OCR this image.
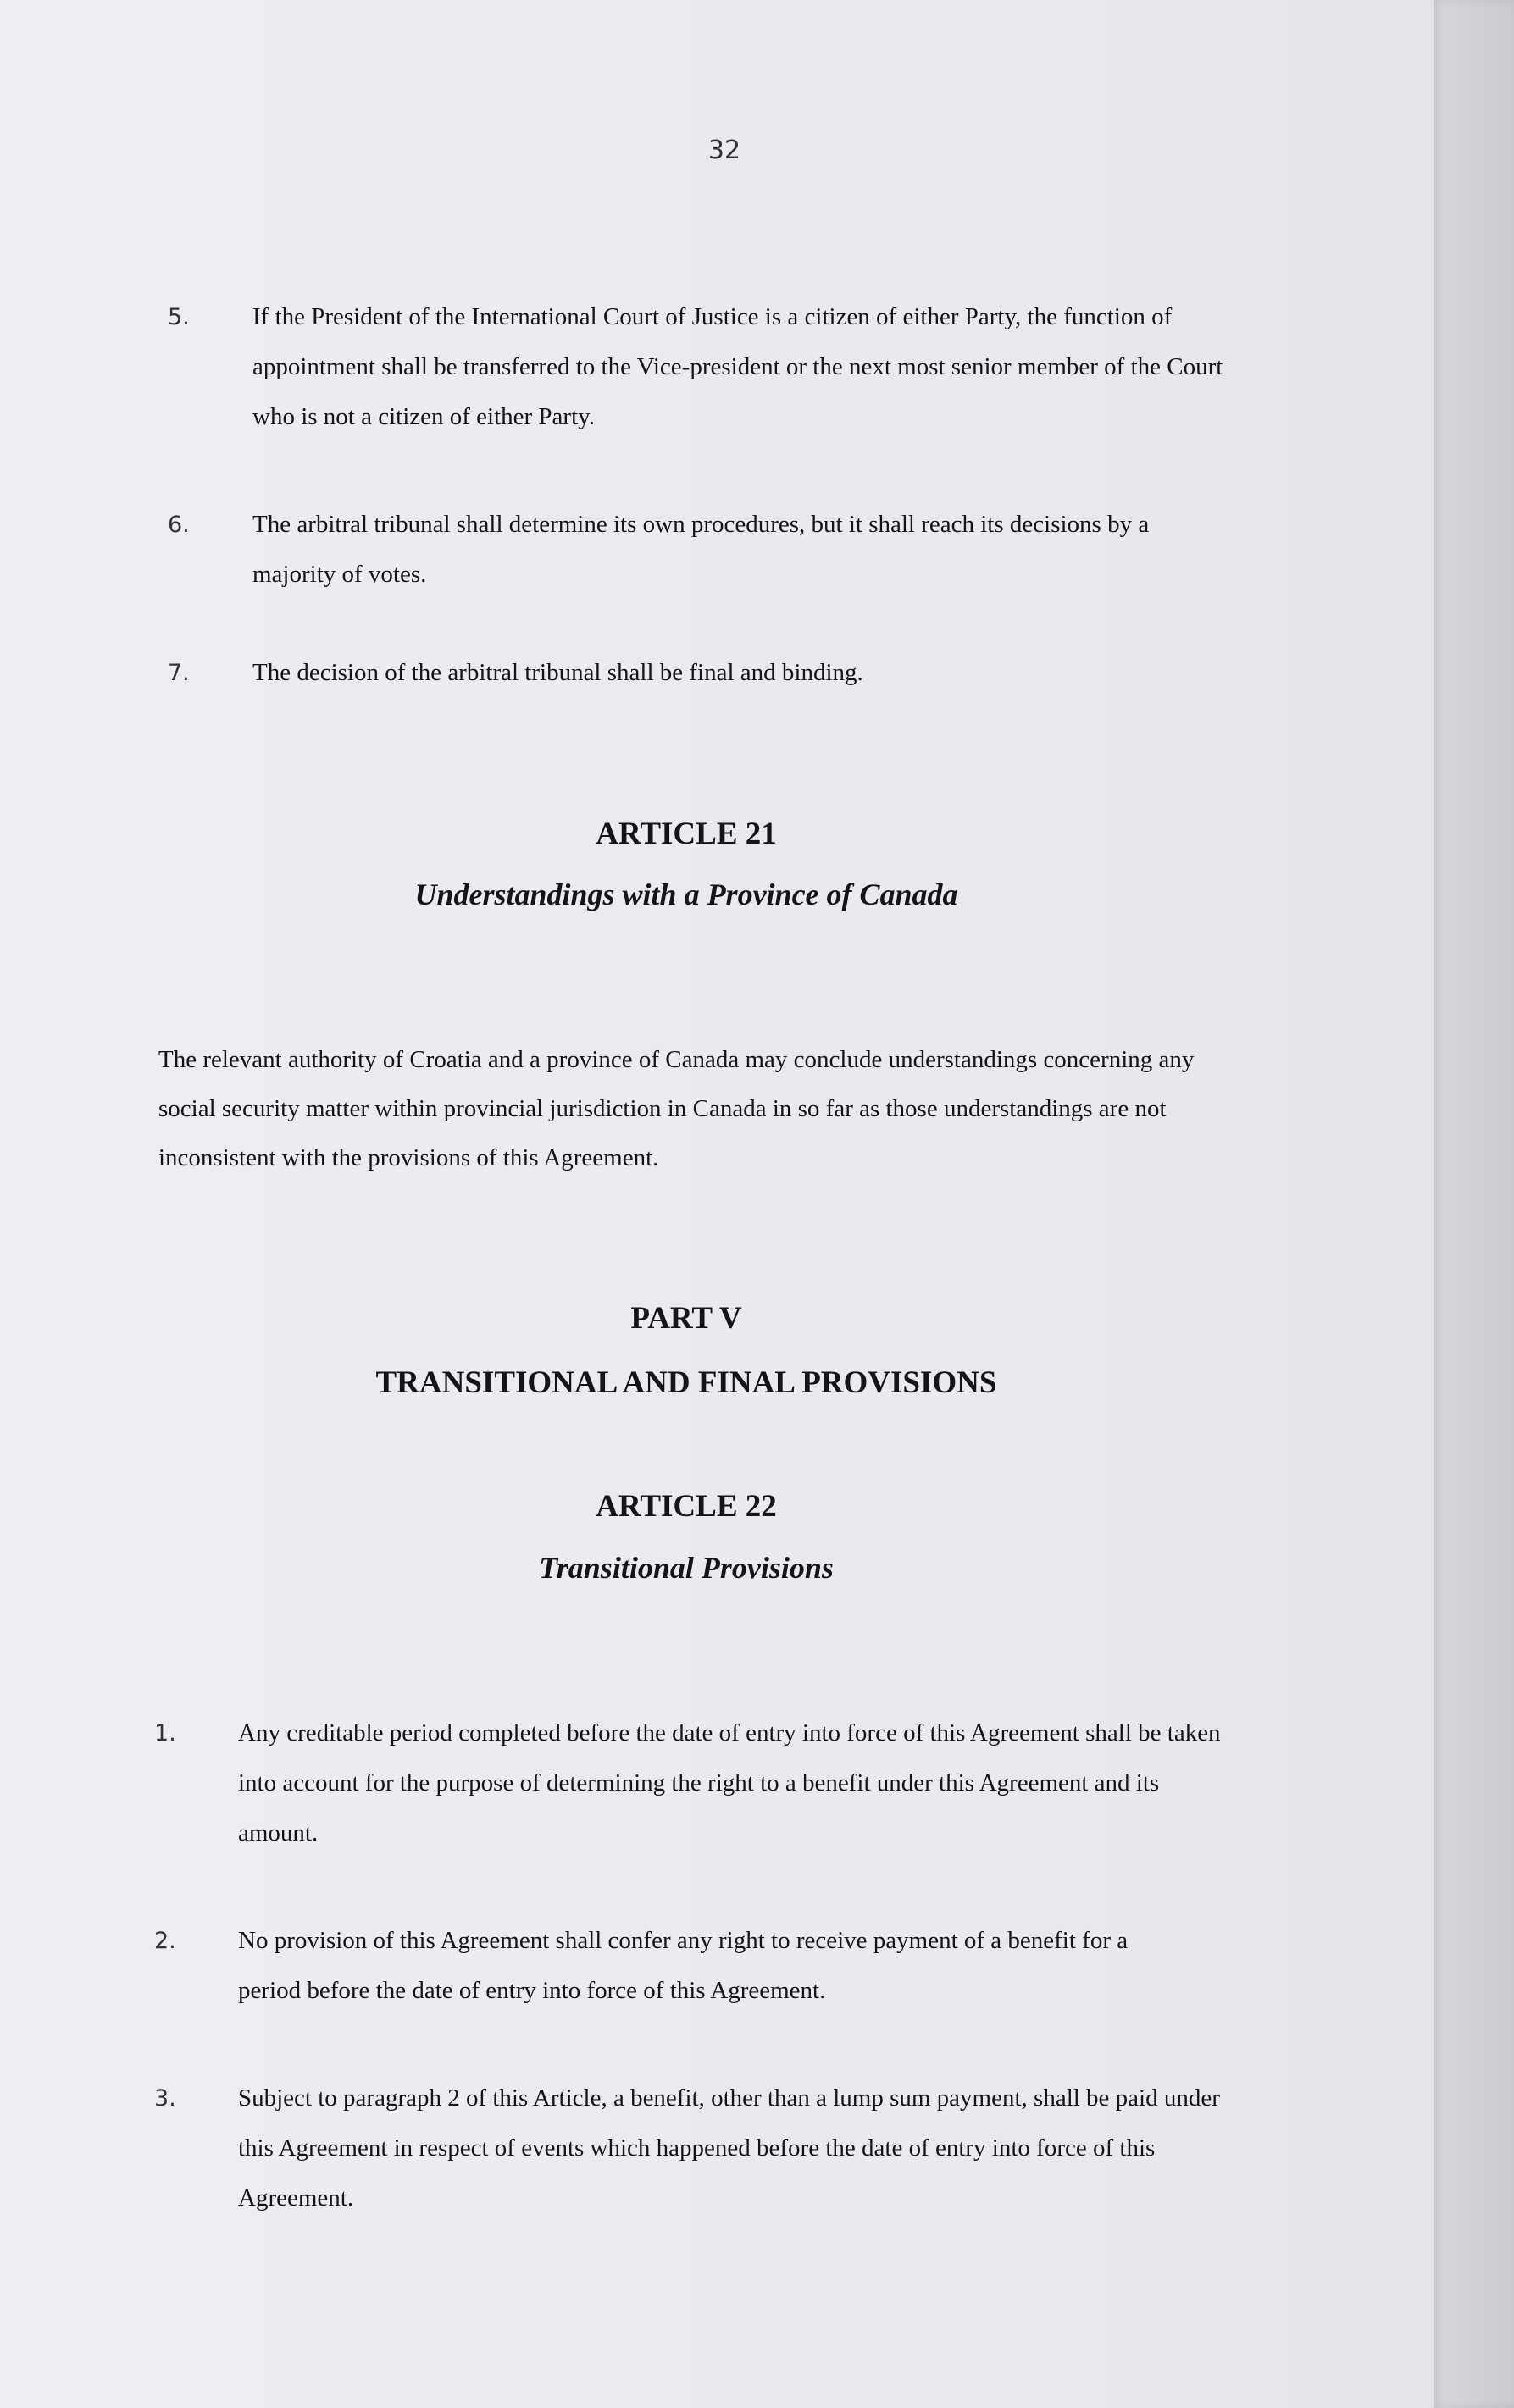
32
5.	If the President of the International Court of Justice is a citizen of either Party, the function of appointment shall be transferred to the Vice-president or the next most senior member of the Court who is not a citizen of either Party.
6.	The arbitral tribunal shall determine its own procedures, but it shall reach its decisions by a majority of votes.
7.	The decision of the arbitral tribunal shall be final and binding.
ARTICLE 21
Understandings with a Province of Canada
The relevant authority of Croatia and a province of Canada may conclude understandings concerning any social security matter within provincial jurisdiction in Canada in so far as those understandings are not inconsistent with the provisions of this Agreement.
PART V
TRANSITIONAL AND FINAL PROVISIONS
ARTICLE 22
Transitional Provisions
1.	Any creditable period completed before the date of entry into force of this Agreement shall be taken into account for the purpose of determining the right to a benefit under this Agreement and its amount.
2.	No provision of this Agreement shall confer any right to receive payment of a benefit for a period before the date of entry into force of this Agreement.
3.	Subject to paragraph 2 of this Article, a benefit, other than a lump sum payment, shall be paid under this Agreement in respect of events which happened before the date of entry into force of this Agreement.
